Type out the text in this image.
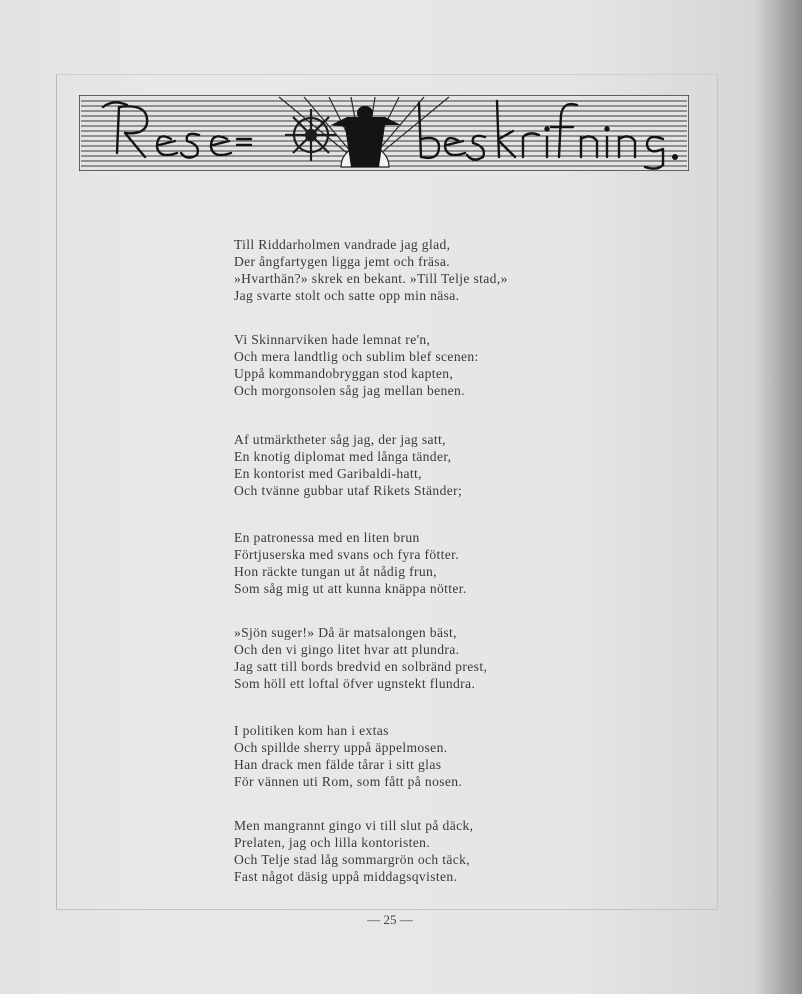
Till Riddarholmen vandrade jag glad,
Der ångfartygen ligga jemt och fräsa.
»Hvarthän?» skrek en bekant. »Till Telje stad,»
Jag svarte stolt och satte opp min näsa.
Vi Skinnarviken hade lemnat re'n,
Och mera landtlig och sublim blef scenen:
Uppå kommandobryggan stod kapten,
Och morgonsolen såg jag mellan benen.
Af utmärktheter såg jag, der jag satt,
En knotig diplomat med långa tänder,
En kontorist med Garibaldi-hatt,
Och tvänne gubbar utaf Rikets Ständer;
En patronessa med en liten brun
Förtjuserska med svans och fyra fötter.
Hon räckte tungan ut åt nådig frun,
Som såg mig ut att kunna knäppa nötter.
»Sjön suger!» Då är matsalongen bäst,
Och den vi gingo litet hvar att plundra.
Jag satt till bords bredvid en solbränd prest,
Som höll ett loftal öfver ugnstekt flundra.
I politiken kom han i extas
Och spillde sherry uppå äppelmosen.
Han drack men fälde tårar i sitt glas
För vännen uti Rom, som fått på nosen.
Men mangrannt gingo vi till slut på däck,
Prelaten, jag och lilla kontoristen.
Och Telje stad låg sommargrön och täck,
Fast något däsig uppå middagsqvisten.
— 25 —
